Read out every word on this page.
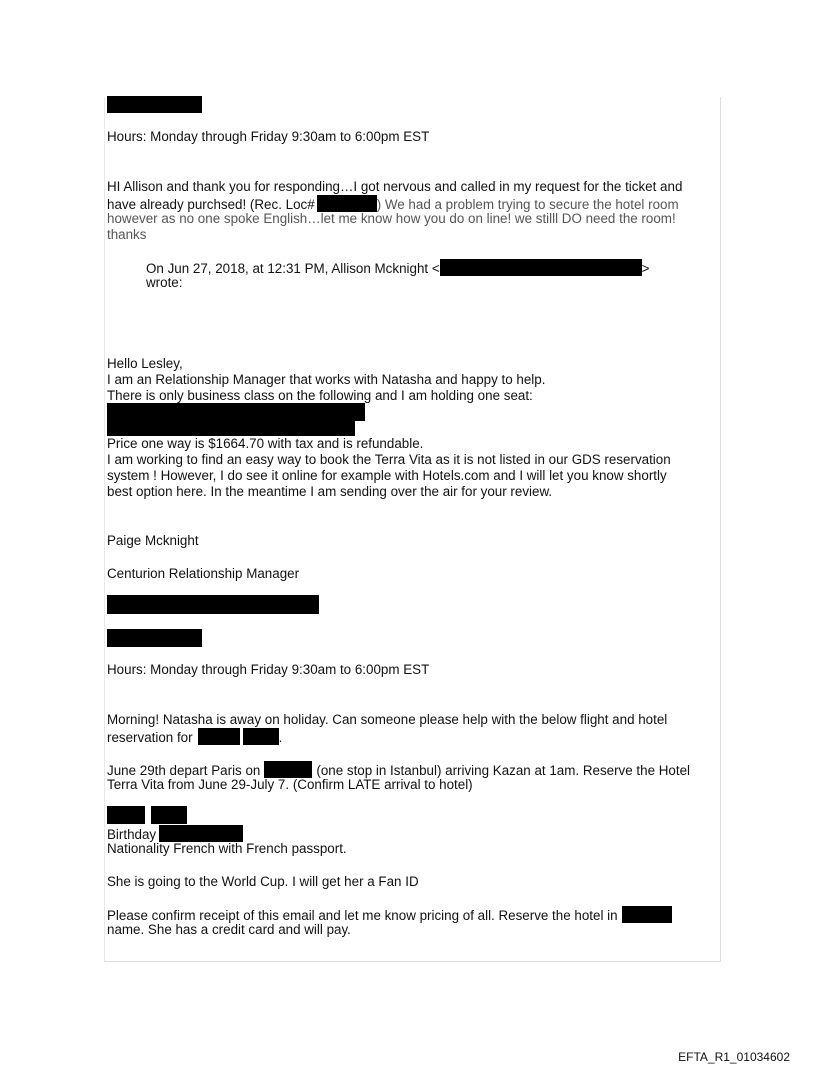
Hours: Monday through Friday 9:30am to 6:00pm EST
HI Allison and thank you for responding…I got nervous and called in my request for the ticket and
have already purchsed! (Rec. Loc#	) We had a problem trying to secure the hotel room
however as no one spoke English…let me know how you do on line! we stilll DO need the room!
thanks
On Jun 27, 2018, at 12:31 PM, Allison Mcknight <	>
wrote:
Hello Lesley,
I am an Relationship Manager that works with Natasha and happy to help.
There is only business class on the following and I am holding one seat:
Price one way is $1664.70 with tax and is refundable.
I am working to find an easy way to book the Terra Vita as it is not listed in our GDS reservation
system ! However, I do see it online for example with Hotels.com and I will let you know shortly
best option here. In the meantime I am sending over the air for your review.
Paige Mcknight
Centurion Relationship Manager
Hours: Monday through Friday 9:30am to 6:00pm EST
Morning! Natasha is away on holiday. Can someone please help with the below flight and hotel
reservation for	.
June 29th depart Paris on	(one stop in Istanbul) arriving Kazan at 1am. Reserve the Hotel
Terra Vita from June 29-July 7. (Confirm LATE arrival to hotel)
Birthday
Nationality French with French passport.
She is going to the World Cup. I will get her a Fan ID
Please confirm receipt of this email and let me know pricing of all. Reserve the hotel in
name. She has a credit card and will pay.
EFTA_R1_01034602
